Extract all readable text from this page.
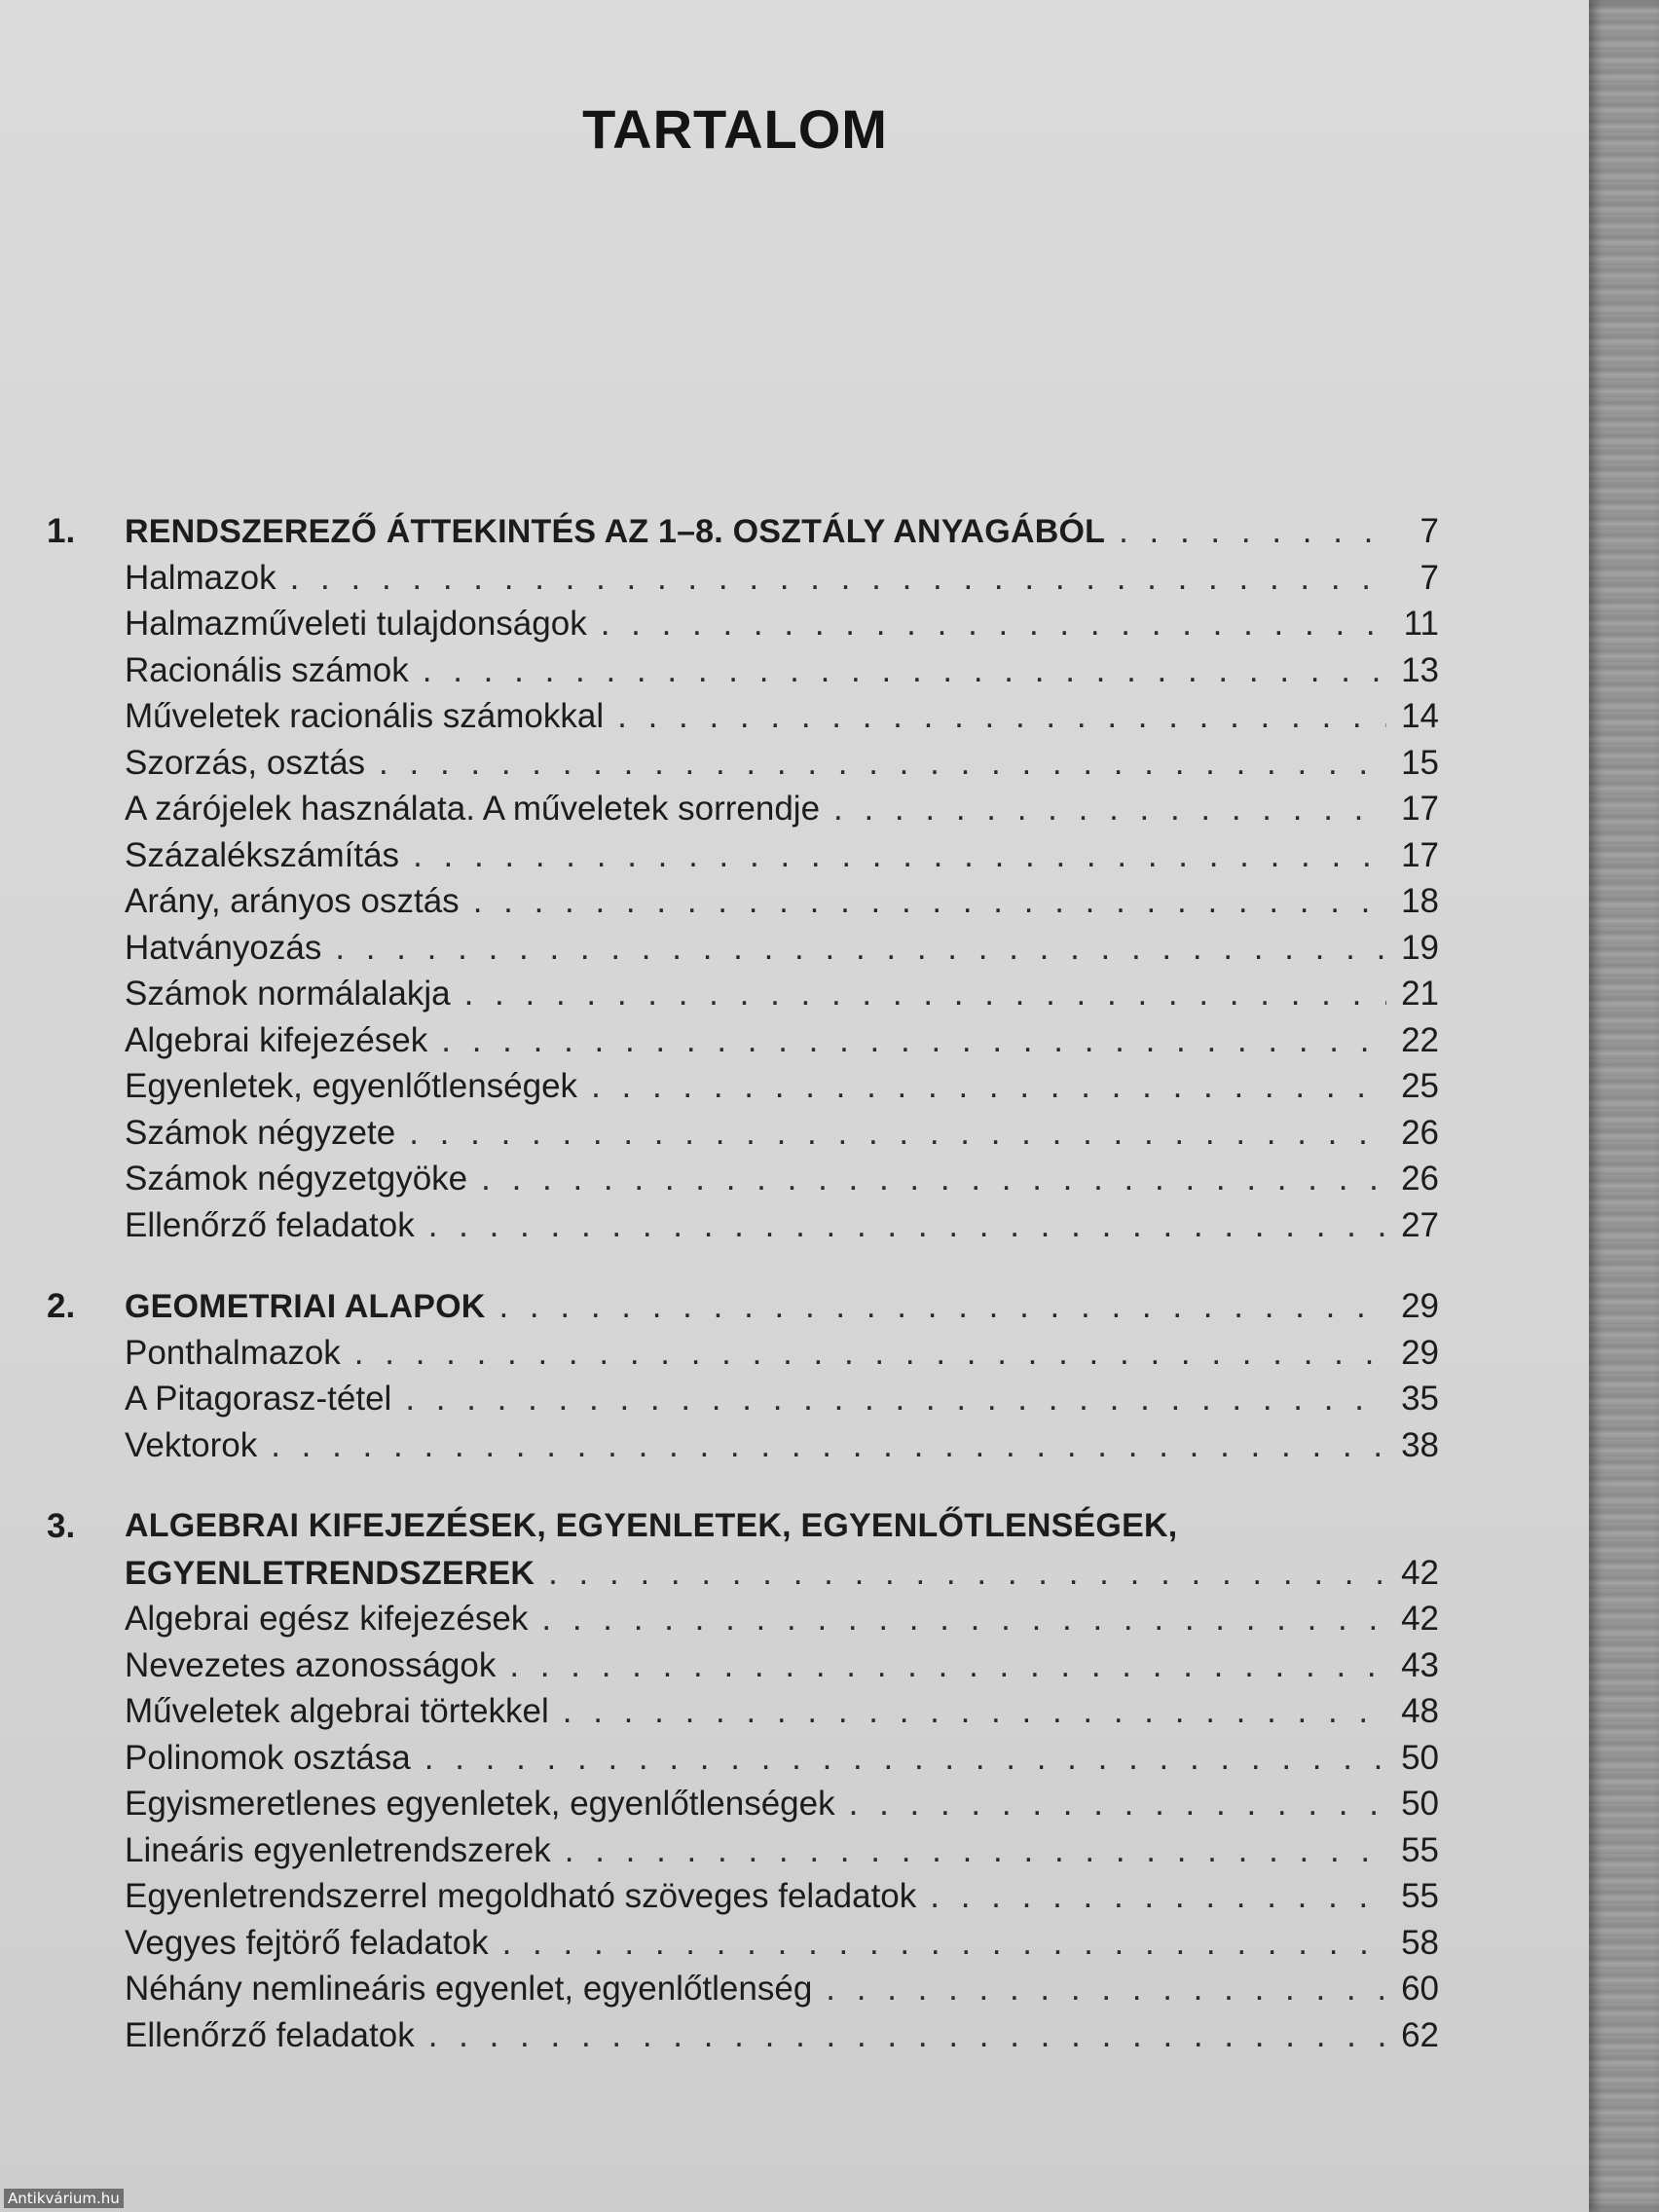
TARTALOM
1.	RENDSZEREZŐ ÁTTEKINTÉS AZ 1–8. OSZTÁLY ANYAGÁBÓL . . .	7
Halmazok . . .	7
Halmazműveleti tulajdonságok . . .	11
Racionális számok . . .	13
Műveletek racionális számokkal . . .	14
Szorzás, osztás . . .	15
A zárójelek használata. A műveletek sorrendje . . .	17
Százalékszámítás . . .	17
Arány, arányos osztás . . .	18
Hatványozás . . .	19
Számok normálalakja . . .	21
Algebrai kifejezések . . .	22
Egyenletek, egyenlőtlenségek . . .	25
Számok négyzete . . .	26
Számok négyzetgyöke . . .	26
Ellenőrző feladatok . . .	27
2.	GEOMETRIAI ALAPOK . . .	29
Ponthalmazok . . .	29
A Pitagorasz-tétel . . .	35
Vektorok . . .	38
3.	ALGEBRAI KIFEJEZÉSEK, EGYENLETEK, EGYENLŐTLENSÉGEK,
EGYENLETRENDSZEREK . . .	42
Algebrai egész kifejezések . . .	42
Nevezetes azonosságok . . .	43
Műveletek algebrai törtekkel . . .	48
Polinomok osztása . . .	50
Egyismeretlenes egyenletek, egyenlőtlenségek . . .	50
Lineáris egyenletrendszerek . . .	55
Egyenletrendszerrel megoldható szöveges feladatok . . .	55
Vegyes fejtörő feladatok . . .	58
Néhány nemlineáris egyenlet, egyenlőtlenség . . .	60
Ellenőrző feladatok . . .	62
Antikvárium.hu
